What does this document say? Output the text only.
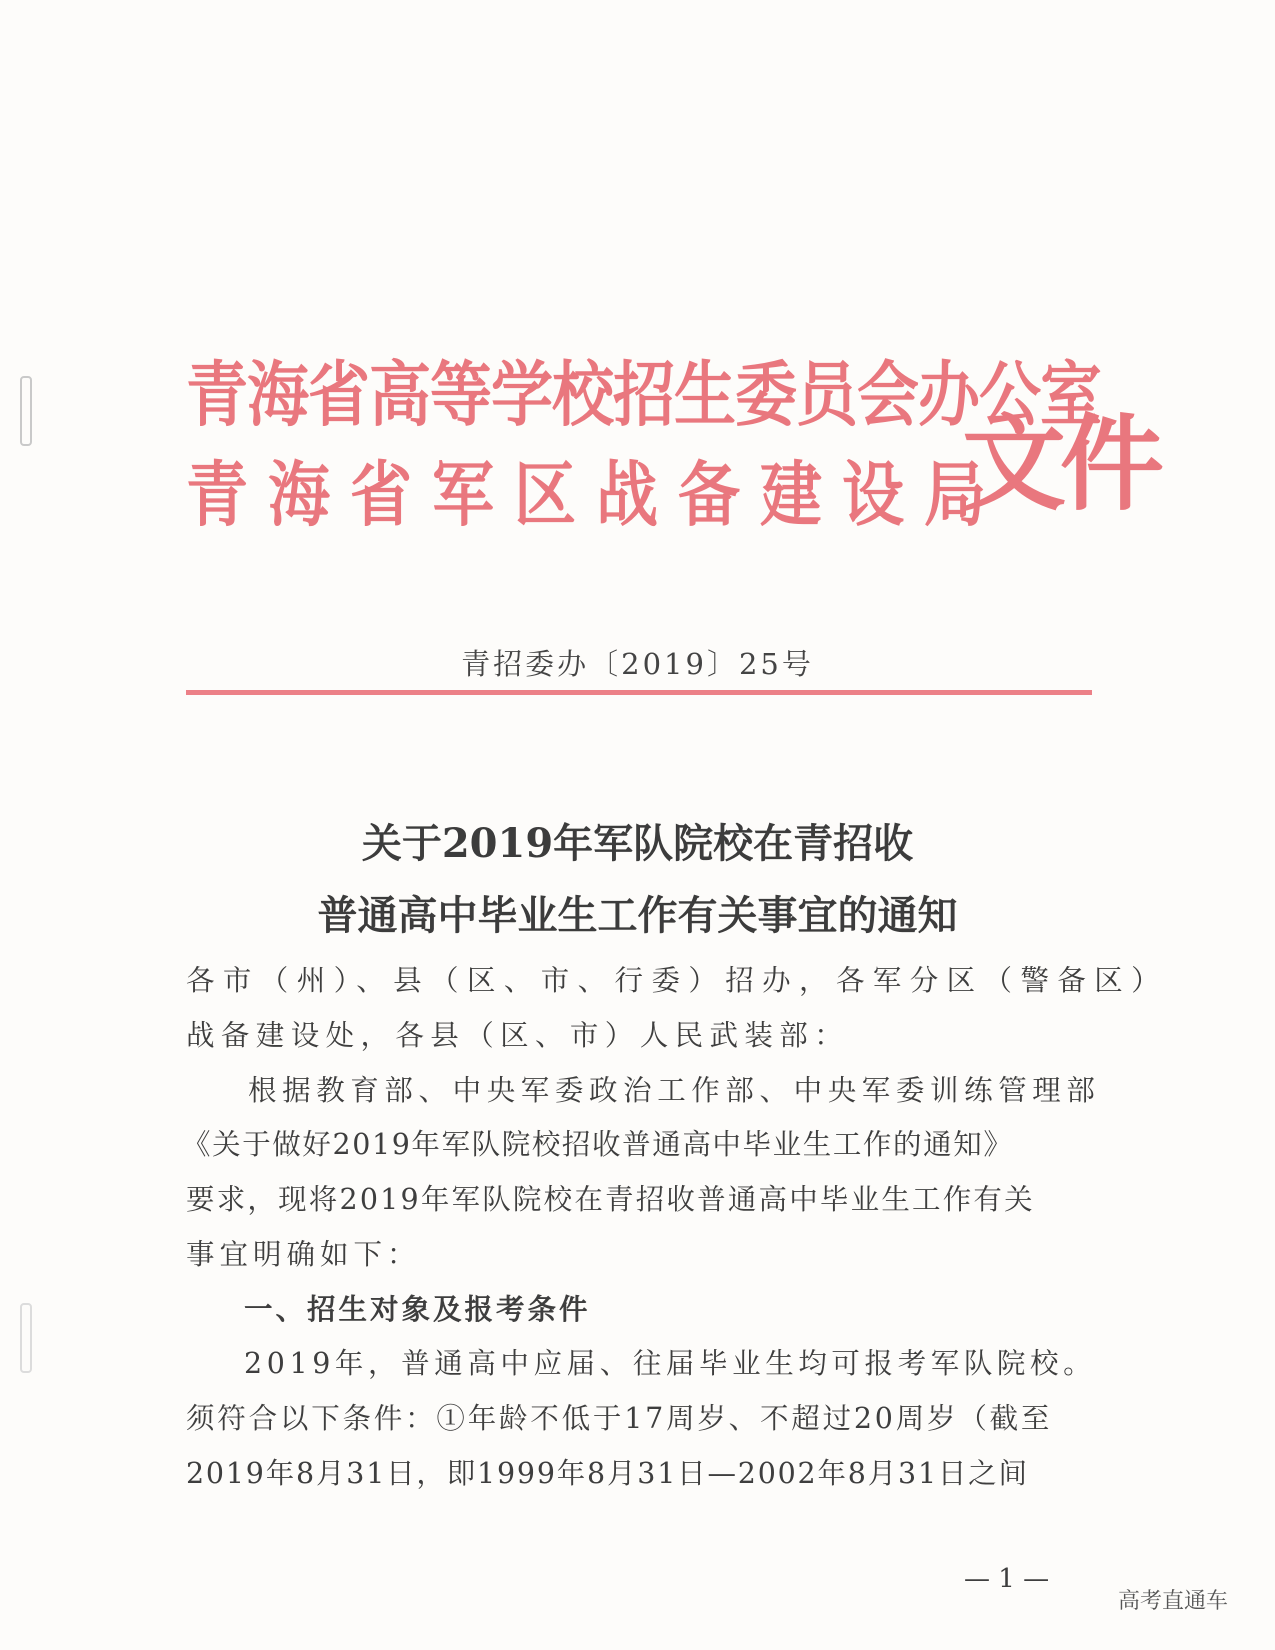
青海省高等学校招生委员会办公室
青海省军区战备建设局
文件
青招委办〔2019〕25号
关于2019年军队院校在青招收
普通高中毕业生工作有关事宜的通知
各市（州）、县（区、市、行委）招办，各军分区（警备区）
战备建设处，各县（区、市）人民武装部：
根据教育部、中央军委政治工作部、中央军委训练管理部
《关于做好2019年军队院校招收普通高中毕业生工作的通知》
要求，现将2019年军队院校在青招收普通高中毕业生工作有关
事宜明确如下：
一、招生对象及报考条件
2019年，普通高中应届、往届毕业生均可报考军队院校。
须符合以下条件：①年龄不低于17周岁、不超过20周岁（截至
2019年8月31日，即1999年8月31日—2002年8月31日之间
— 1 —
高考直通车
